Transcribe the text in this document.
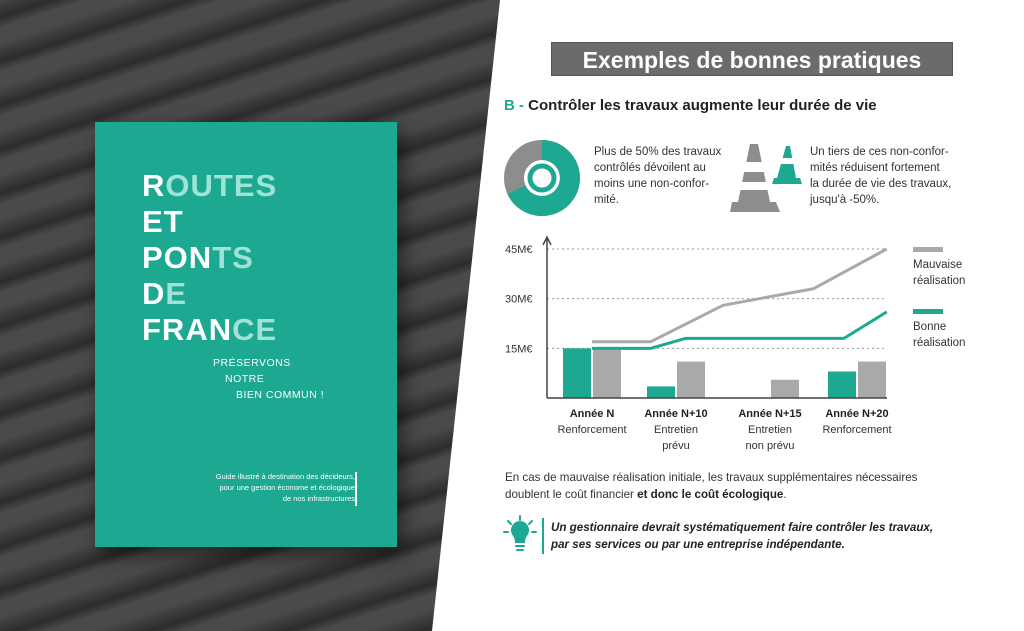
ROUTES
ET
PONTS
DE
FRANCE
PRÉSERVONS
NOTRE
BIEN COMMUN !
Guide illustré à destination des décideurs,
pour une gestion économe et écologique
de nos infrastructures
Exemples de bonnes pratiques
B - Contrôler les travaux augmente leur durée de vie
Plus de 50% des travaux
contrôlés dévoilent au
moins une non-confor-
mité.
Un tiers de ces non-confor-
mités réduisent fortement
la durée de vie des travaux,
jusqu'à -50%.
15M€
30M€
45M€
Année N
Renforcement
Année N+10
Entretien
prévu
Année N+15
Entretien
non prévu
Année N+20
Renforcement
Mauvaise
réalisation
Bonne
réalisation
En cas de mauvaise réalisation initiale, les travaux supplémentaires nécessaires
doublent le coût financier et donc le coût écologique.
Un gestionnaire devrait systématiquement faire contrôler les travaux,
par ses services ou par une entreprise indépendante.
